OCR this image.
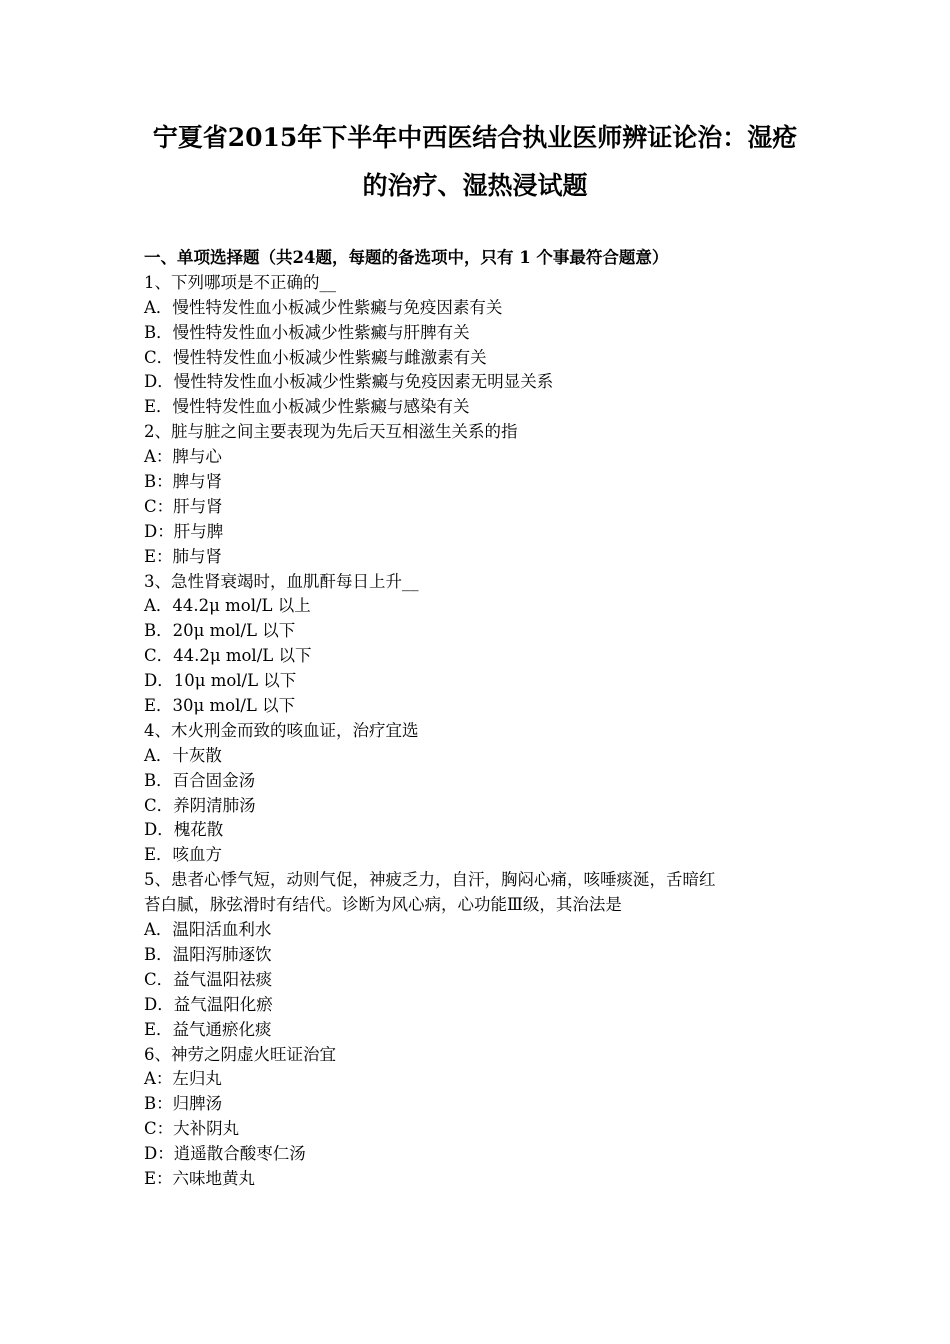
宁夏省2015年下半年中西医结合执业医师辨证论治：湿疮
的治疗、湿热浸试题
一、单项选择题（共24题，每题的备选项中，只有 1 个事最符合题意）
1、下列哪项是不正确的__
A．慢性特发性血小板减少性紫癜与免疫因素有关
B．慢性特发性血小板减少性紫癜与肝脾有关
C．慢性特发性血小板减少性紫癜与雌激素有关
D．慢性特发性血小板减少性紫癜与免疫因素无明显关系
E．慢性特发性血小板减少性紫癜与感染有关
2、脏与脏之间主要表现为先后天互相滋生关系的指
A：脾与心
B：脾与肾
C：肝与肾
D：肝与脾
E：肺与肾
3、急性肾衰竭时，血肌酐每日上升__
A．44.2μ mol/L 以上
B．20μ mol/L 以下
C．44.2μ mol/L 以下
D．10μ mol/L 以下
E．30μ mol/L 以下
4、木火刑金而致的咳血证，治疗宜选
A．十灰散
B．百合固金汤
C．养阴清肺汤
D．槐花散
E．咳血方
5、患者心悸气短，动则气促，神疲乏力，自汗，胸闷心痛，咳唾痰涎，舌暗红
苔白腻，脉弦滑时有结代。诊断为风心病，心功能Ⅲ级，其治法是
A．温阳活血利水
B．温阳泻肺逐饮
C．益气温阳祛痰
D．益气温阳化瘀
E．益气通瘀化痰
6、神劳之阴虚火旺证治宜
A：左归丸
B：归脾汤
C：大补阴丸
D：逍遥散合酸枣仁汤
E：六味地黄丸
